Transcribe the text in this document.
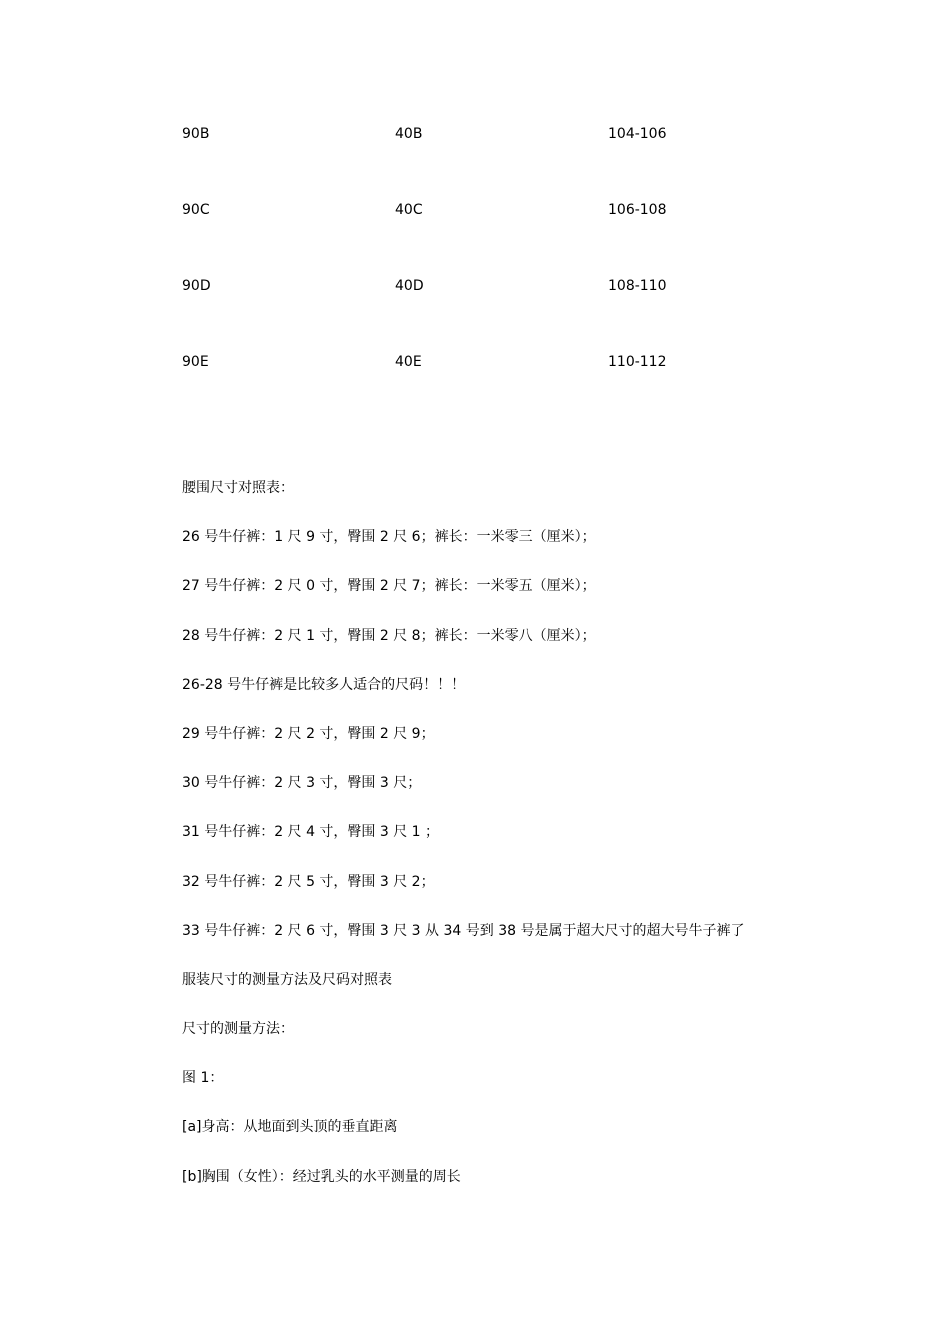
90B	40B	104-106
90C	40C	106-108
90D	40D	108-110
90E	40E	110-112
腰围尺寸对照表：
26 号牛仔裤：1 尺 9 寸，臀围 2 尺 6；裤长：一米零三（厘米）；
27 号牛仔裤：2 尺 0 寸，臀围 2 尺 7；裤长：一米零五（厘米）；
28 号牛仔裤：2 尺 1 寸，臀围 2 尺 8；裤长：一米零八（厘米）；
26-28 号牛仔裤是比较多人适合的尺码！！！
29 号牛仔裤：2 尺 2 寸，臀围 2 尺 9；
30 号牛仔裤：2 尺 3 寸，臀围 3 尺；
31 号牛仔裤：2 尺 4 寸，臀围 3 尺 1 ；
32 号牛仔裤：2 尺 5 寸，臀围 3 尺 2；
33 号牛仔裤：2 尺 6 寸，臀围 3 尺 3 从 34 号到 38 号是属于超大尺寸的超大号牛子裤了
服装尺寸的测量方法及尺码对照表
尺寸的测量方法：
图 1：
[a]身高：从地面到头顶的垂直距离
[b]胸围（女性）：经过乳头的水平测量的周长
